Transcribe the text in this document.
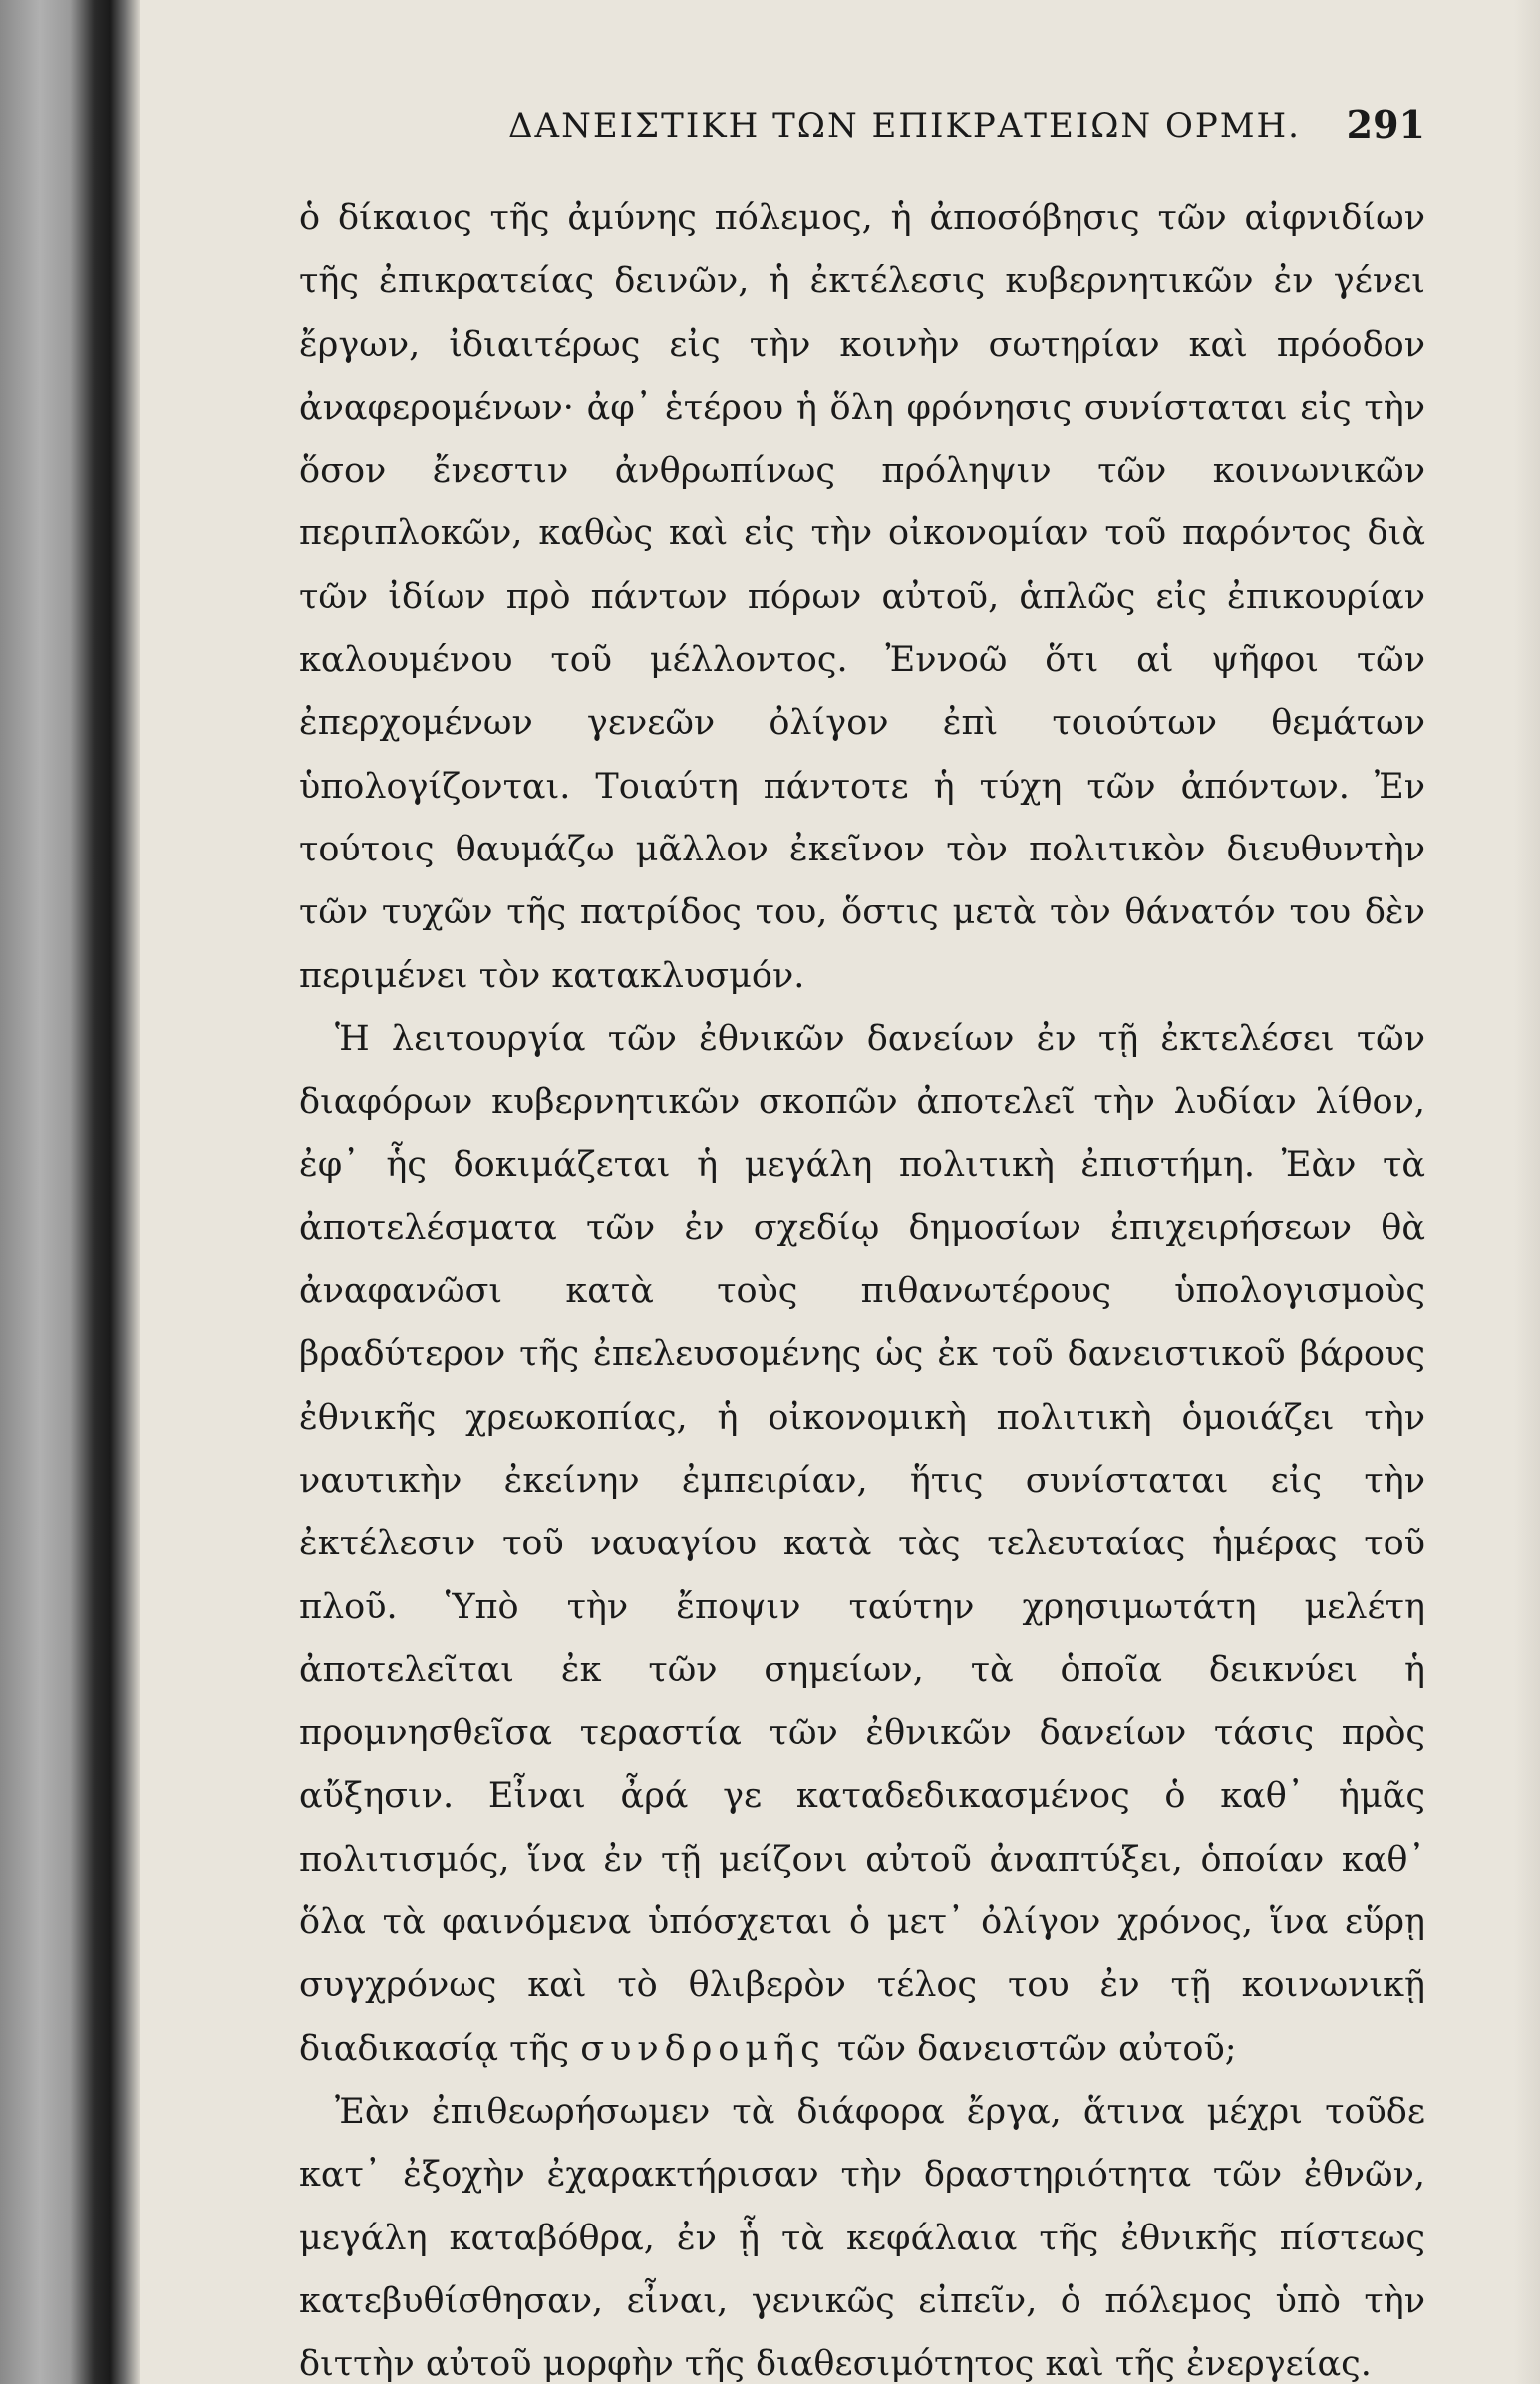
ΔΑΝΕΙΣΤΙΚΗ ΤΩΝ ΕΠΙΚΡΑΤΕΙΩΝ ΟΡΜΗ. 291

ὁ δίκαιος τῆς ἀμύνης πόλεμος, ἡ ἀποσόβησις τῶν αἰφνιδίων τῆς ἐπικρατείας δεινῶν, ἡ ἐκτέλεσις κυβερνητικῶν ἐν γένει ἔργων, ἰδιαιτέρως εἰς τὴν κοινὴν σωτηρίαν καὶ πρόοδον ἀναφερομένων· ἀφ᾽ ἑτέρου ἡ ὅλη φρόνησις συνίσταται εἰς τὴν ὅσον ἔνεστιν ἀνθρωπίνως πρόληψιν τῶν κοινωνικῶν περιπλοκῶν, καθὼς καὶ εἰς τὴν οἰκονομίαν τοῦ παρόντος διὰ τῶν ἰδίων πρὸ πάντων πόρων αὐτοῦ, ἁπλῶς εἰς ἐπικουρίαν καλουμένου τοῦ μέλλοντος. Ἐννοῶ ὅτι αἱ ψῆφοι τῶν ἐπερχομένων γενεῶν ὀλίγον ἐπὶ τοιούτων θεμάτων ὑπολογίζονται. Τοιαύτη πάντοτε ἡ τύχη τῶν ἀπόντων. Ἐν τούτοις θαυμάζω μᾶλλον ἐκεῖνον τὸν πολιτικὸν διευθυντὴν τῶν τυχῶν τῆς πατρίδος του, ὅστις μετὰ τὸν θάνατόν του δὲν περιμένει τὸν κατακλυσμόν.

Ἡ λειτουργία τῶν ἐθνικῶν δανείων ἐν τῇ ἐκτελέσει τῶν διαφόρων κυβερνητικῶν σκοπῶν ἀποτελεῖ τὴν λυδίαν λίθον, ἐφ᾽ ἧς δοκιμάζεται ἡ μεγάλη πολιτικὴ ἐπιστήμη. Ἐὰν τὰ ἀποτελέσματα τῶν ἐν σχεδίῳ δημοσίων ἐπιχειρήσεων θὰ ἀναφανῶσι κατὰ τοὺς πιθανωτέρους ὑπολογισμοὺς βραδύτερον τῆς ἐπελευσομένης ὡς ἐκ τοῦ δανειστικοῦ βάρους ἐθνικῆς χρεωκοπίας, ἡ οἰκονομικὴ πολιτικὴ ὁμοιάζει τὴν ναυτικὴν ἐκείνην ἐμπειρίαν, ἥτις συνίσταται εἰς τὴν ἐκτέλεσιν τοῦ ναυαγίου κατὰ τὰς τελευταίας ἡμέρας τοῦ πλοῦ. Ὑπὸ τὴν ἔποψιν ταύτην χρησιμωτάτη μελέτη ἀποτελεῖται ἐκ τῶν σημείων, τὰ ὁποῖα δεικνύει ἡ προμνησθεῖσα τεραστία τῶν ἐθνικῶν δανείων τάσις πρὸς αὔξησιν. Εἶναι ἆρά γε καταδεδικασμένος ὁ καθ᾽ ἡμᾶς πολιτισμός, ἵνα ἐν τῇ μείζονι αὐτοῦ ἀναπτύξει, ὁποίαν καθ᾽ ὅλα τὰ φαινόμενα ὑπόσχεται ὁ μετ᾽ ὀλίγον χρόνος, ἵνα εὕρῃ συγχρόνως καὶ τὸ θλιβερὸν τέλος του ἐν τῇ κοινωνικῇ διαδικασίᾳ τῆς συνδρομῆς τῶν δανειστῶν αὐτοῦ;

Ἐὰν ἐπιθεωρήσωμεν τὰ διάφορα ἔργα, ἅτινα μέχρι τοῦδε κατ᾽ ἐξοχὴν ἐχαρακτήρισαν τὴν δραστηριότητα τῶν ἐθνῶν, μεγάλη καταβόθρα, ἐν ᾗ τὰ κεφάλαια τῆς ἐθνικῆς πίστεως κατεβυθίσθησαν, εἶναι, γενικῶς εἰπεῖν, ὁ πόλεμος ὑπὸ τὴν διττὴν αὐτοῦ μορφὴν τῆς διαθεσιμότητος καὶ τῆς ἐνεργείας.
